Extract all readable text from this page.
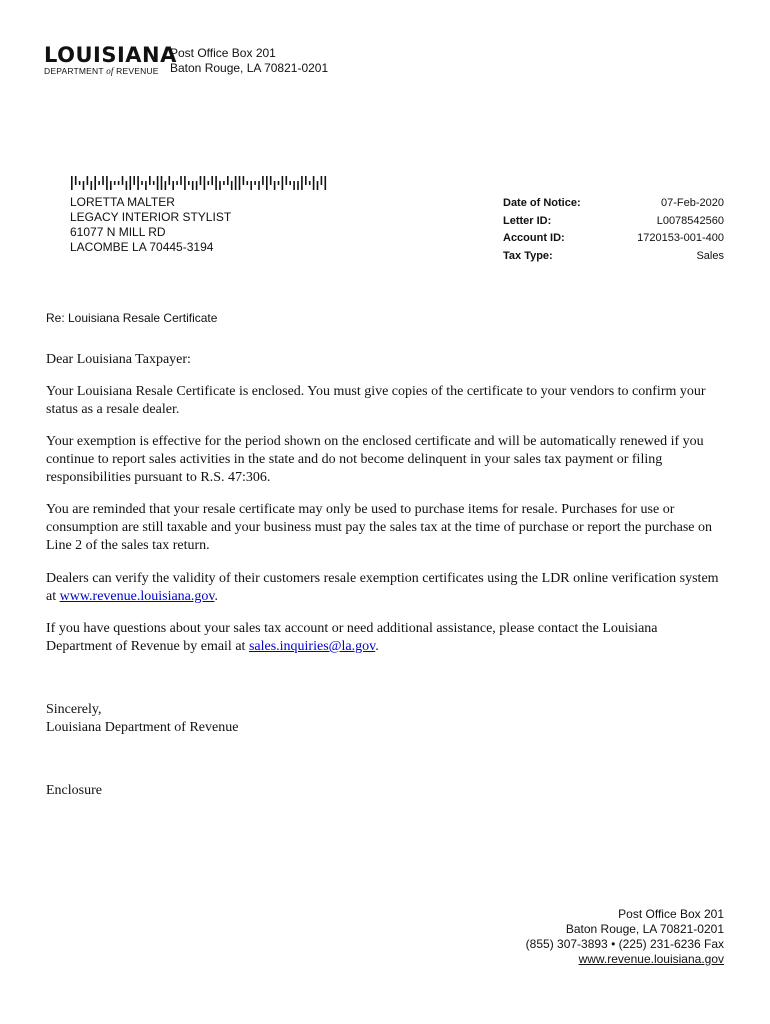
LOUISIANA
DEPARTMENT of REVENUE
Post Office Box 201
Baton Rouge, LA 70821-0201
LORETTA MALTER
LEGACY INTERIOR STYLIST
61077 N MILL RD
LACOMBE LA 70445-3194
Date of Notice:	07-Feb-2020
Letter ID:	L0078542560
Account ID:	1720153-001-400
Tax Type:	Sales
Re: Louisiana Resale Certificate
Dear Louisiana Taxpayer:
Your Louisiana Resale Certificate is enclosed. You must give copies of the certificate to your vendors to confirm your status as a resale dealer.
Your exemption is effective for the period shown on the enclosed certificate and will be automatically renewed if you continue to report sales activities in the state and do not become delinquent in your sales tax payment or filing responsibilities pursuant to R.S. 47:306.
You are reminded that your resale certificate may only be used to purchase items for resale. Purchases for use or consumption are still taxable and your business must pay the sales tax at the time of purchase or report the purchase on Line 2 of the sales tax return.
Dealers can verify the validity of their customers resale exemption certificates using the LDR online verification system at www.revenue.louisiana.gov.
If you have questions about your sales tax account or need additional assistance, please contact the Louisiana Department of Revenue by email at sales.inquiries@la.gov.
Sincerely,
Louisiana Department of Revenue
Enclosure
Post Office Box 201
Baton Rouge, LA 70821-0201
(855) 307-3893 • (225) 231-6236 Fax
www.revenue.louisiana.gov
